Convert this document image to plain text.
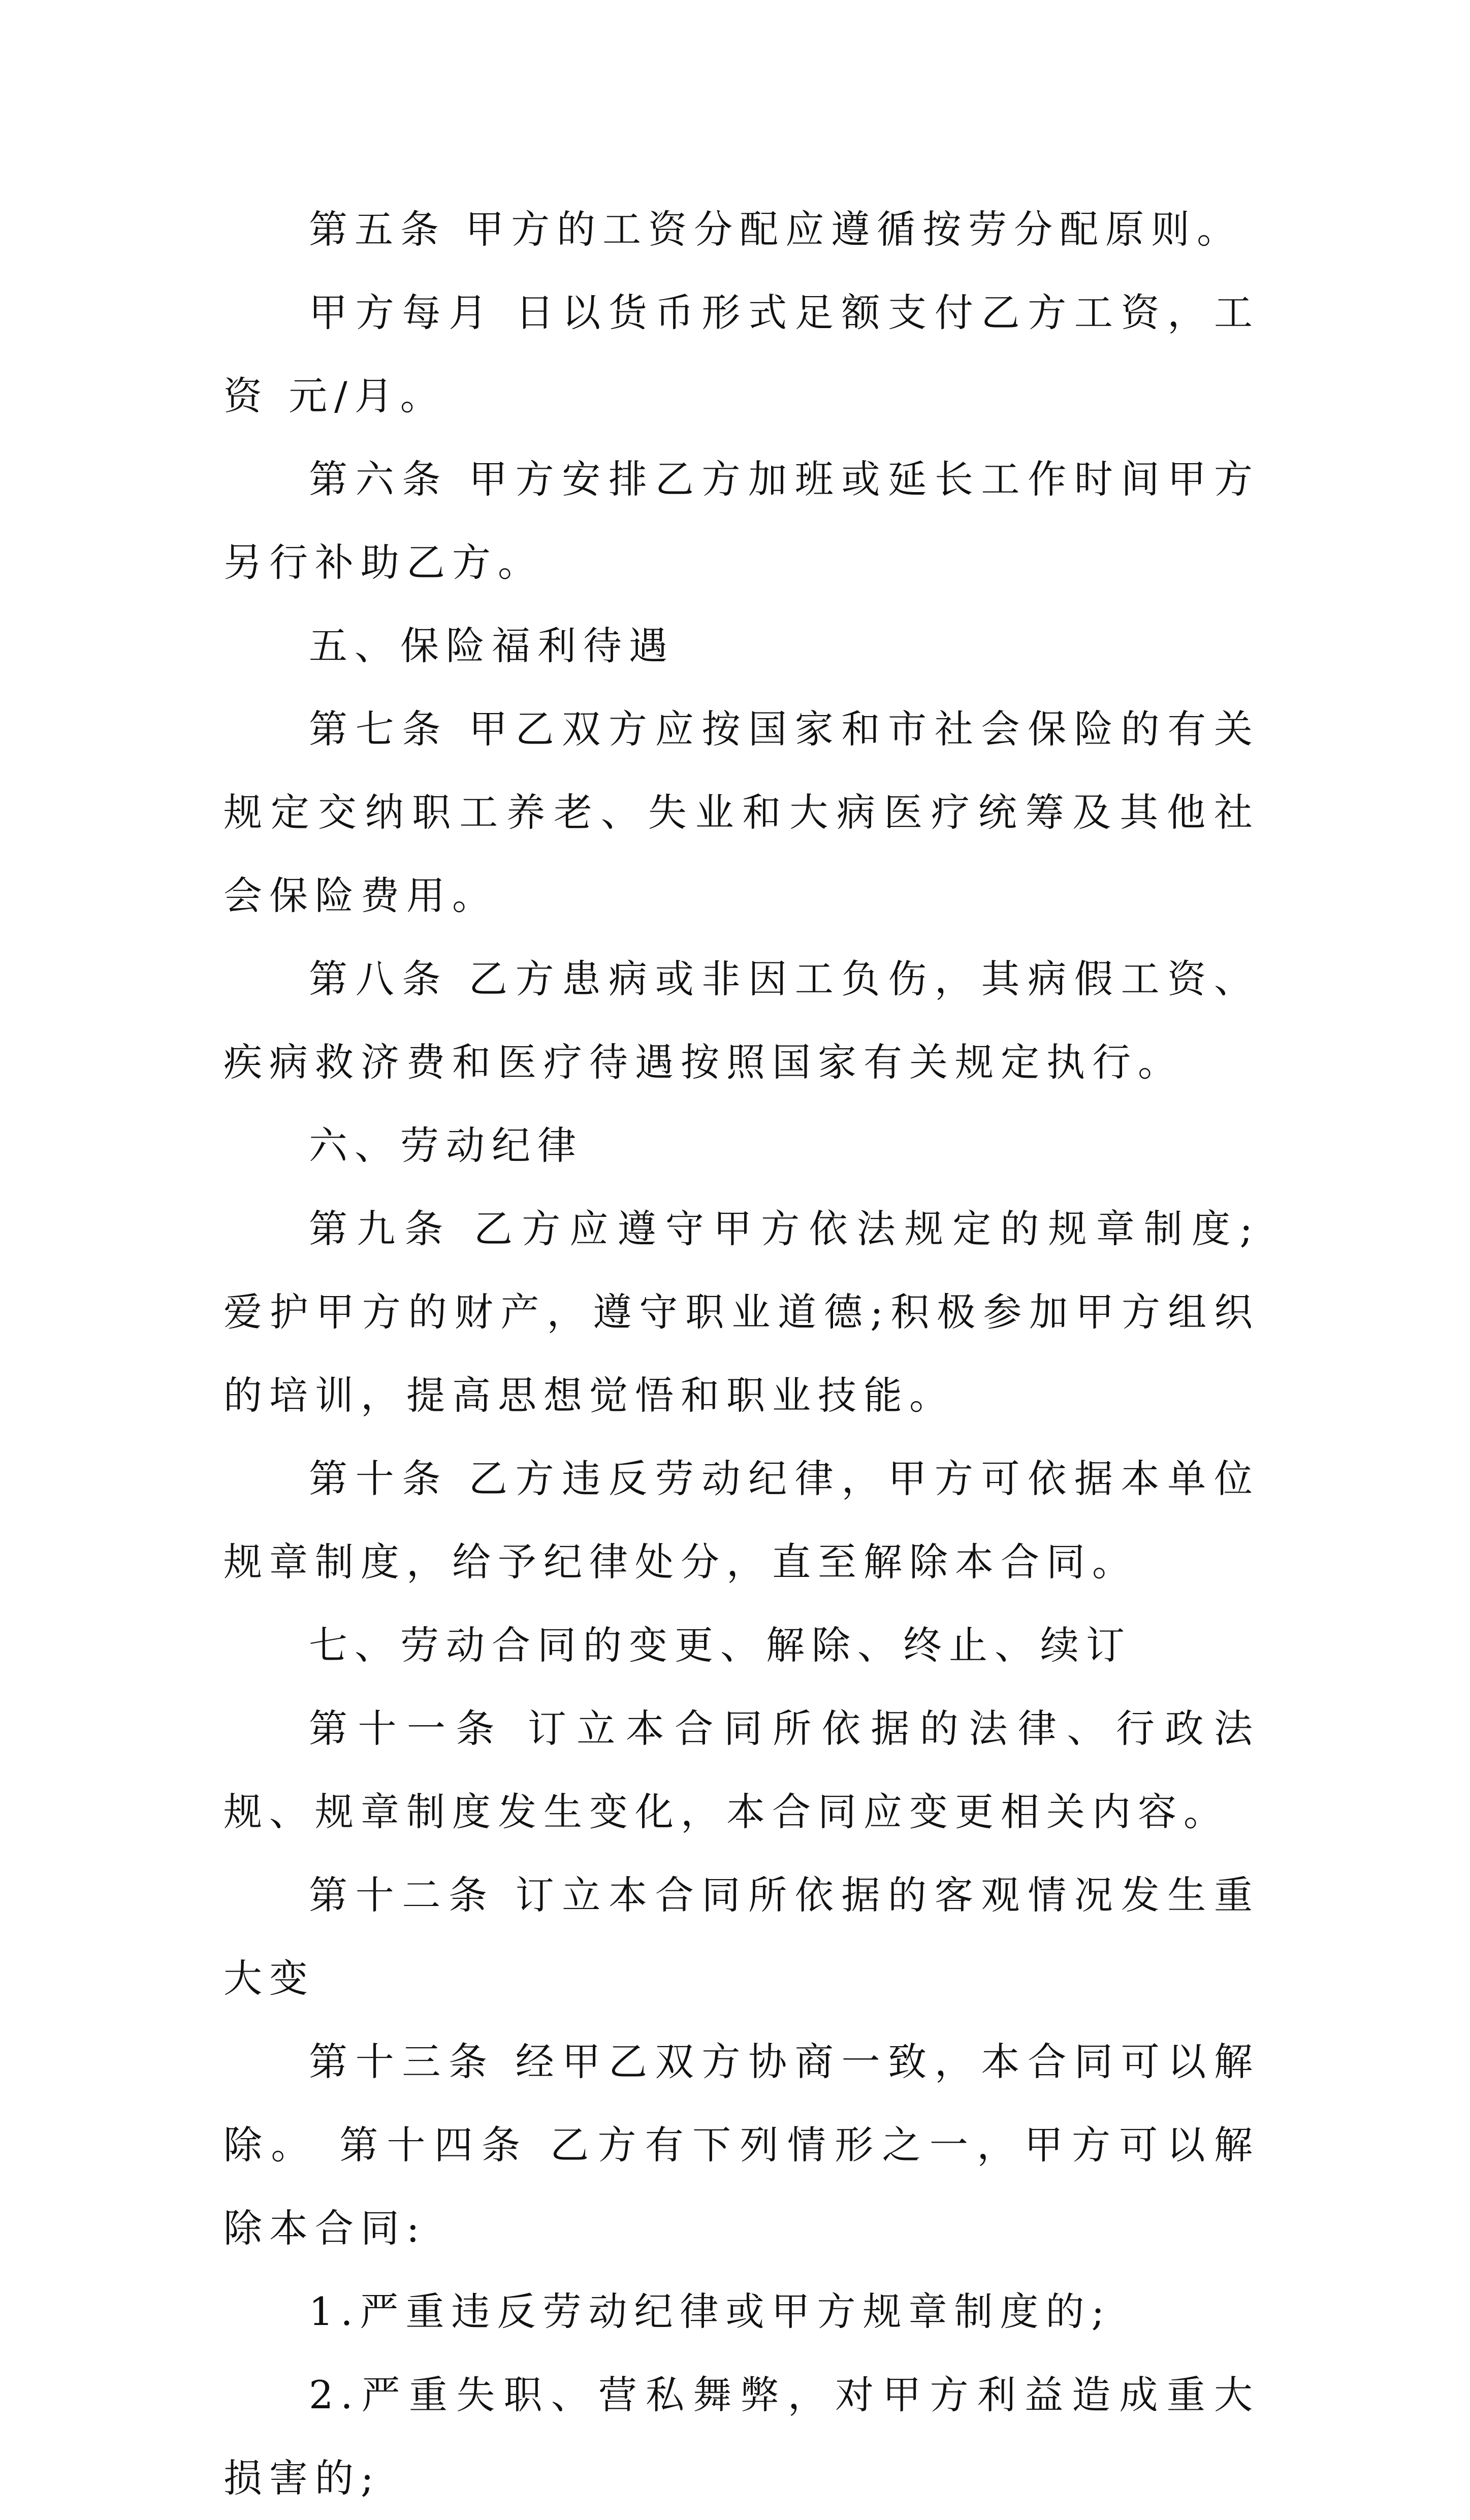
第五条 甲方的工资分配应遵循按劳分配原则。

甲方每月 日以货币形式足额支付乙方工资，工资 元/月。

第六条 甲方安排乙方加班或延长工作时间甲方另行补助乙方。

五、保险福利待遇

第七条 甲乙双方应按国家和市社会保险的有关规定交纳职工养老、失业和大病医疗统筹及其他社会保险费用。

第八条 乙方患病或非因工负伤，其病假工资、疾病救济费和医疗待遇按照国家有关规定执行。

六、劳动纪律

第九条 乙方应遵守甲方依法规定的规章制度;爱护甲方的财产，遵守职业道德;积极参加甲方组织的培训，提高思想觉悟和职业技能。

第十条 乙方违反劳动纪律，甲方可依据本单位规章制度，给予纪律处分，直至解除本合同。

七、劳动合同的变更、解除、终止、续订

第十一条 订立本合同所依据的法律、行政法规、规章制度发生变化，本合同应变更相关内容。

第十二条 订立本合同所依据的客观情况发生重大变

第十三条 经甲乙双方协商一致，本合同可以解除。 第十四条 乙方有下列情形之一，甲方可以解除本合同:

1.严重违反劳动纪律或甲方规章制度的;

2.严重失职、营私舞弊，对甲方利益造成重大损害的;
